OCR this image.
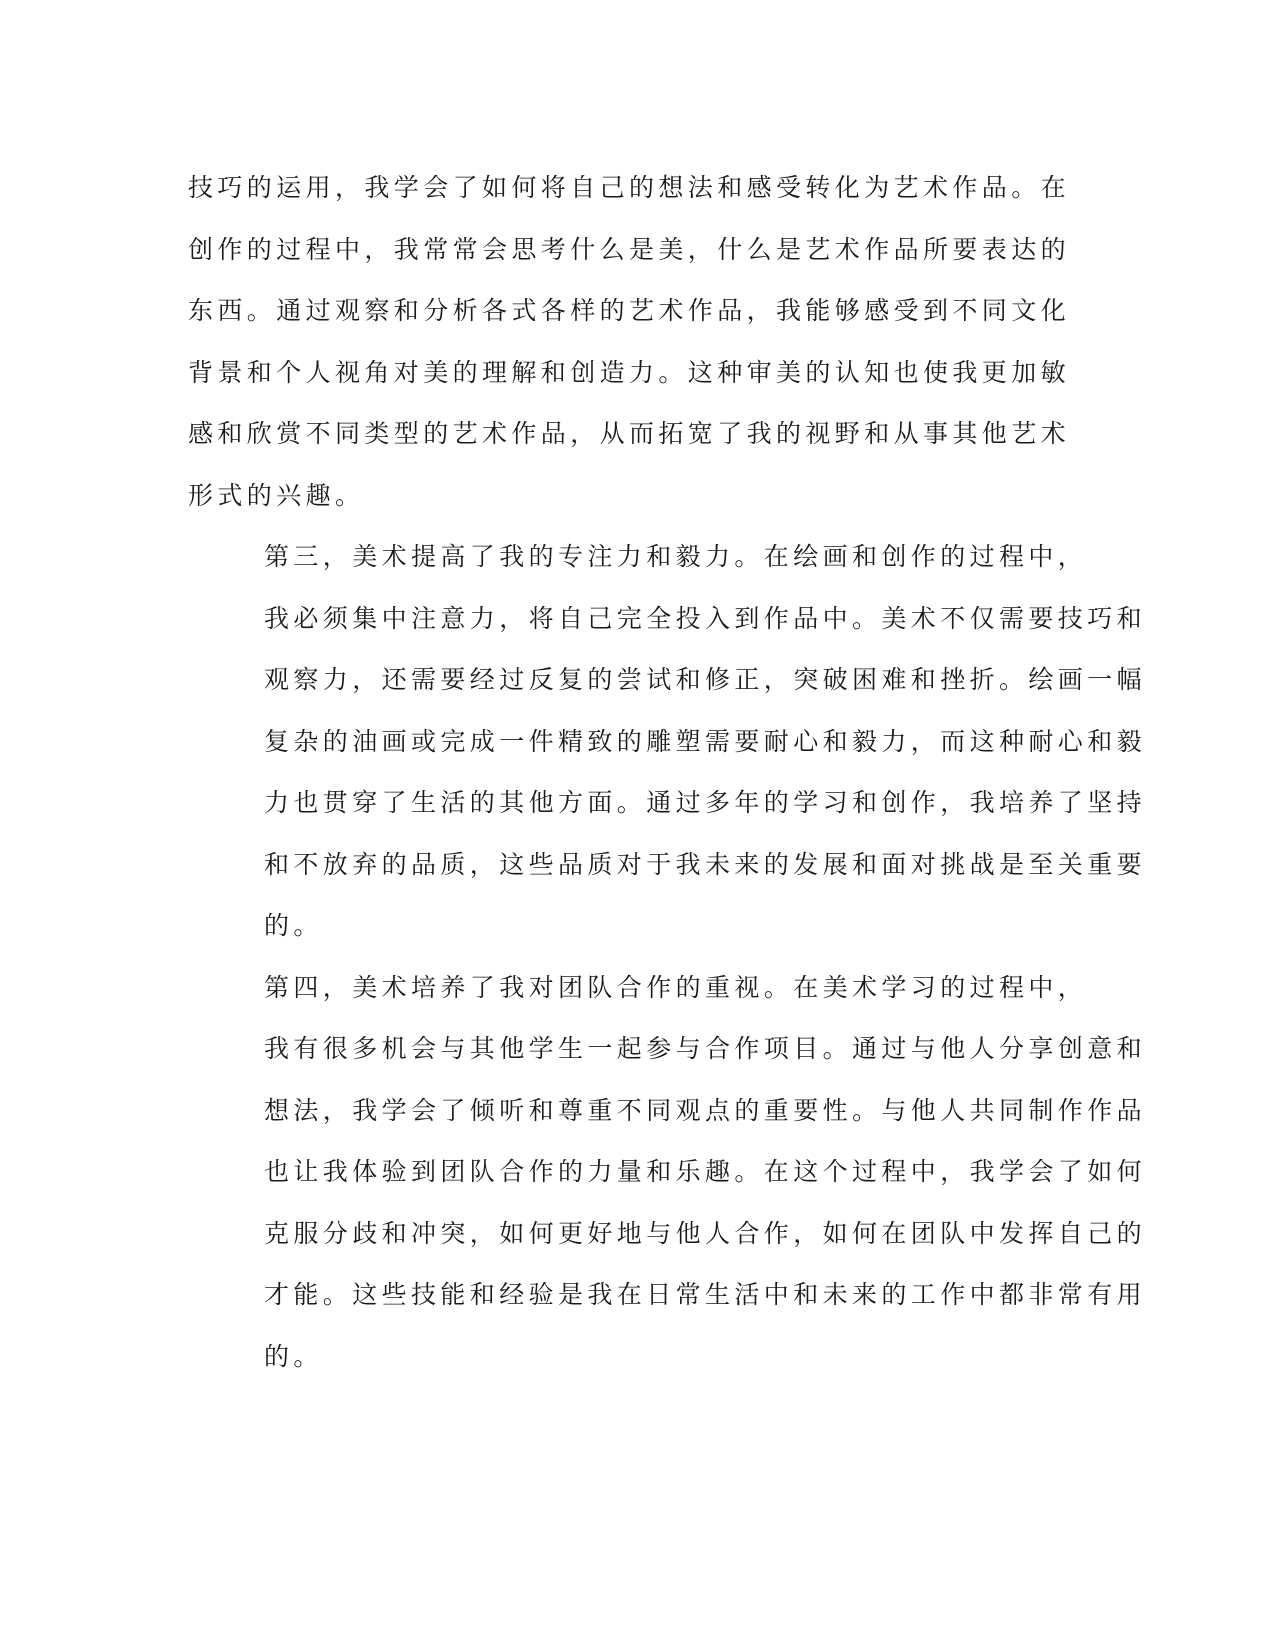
技巧的运用，我学会了如何将自己的想法和感受转化为艺术作品。在
创作的过程中，我常常会思考什么是美，什么是艺术作品所要表达的
东西。通过观察和分析各式各样的艺术作品，我能够感受到不同文化
背景和个人视角对美的理解和创造力。这种审美的认知也使我更加敏
感和欣赏不同类型的艺术作品，从而拓宽了我的视野和从事其他艺术
形式的兴趣。

第三，美术提高了我的专注力和毅力。在绘画和创作的过程中，
我必须集中注意力，将自己完全投入到作品中。美术不仅需要技巧和
观察力，还需要经过反复的尝试和修正，突破困难和挫折。绘画一幅
复杂的油画或完成一件精致的雕塑需要耐心和毅力，而这种耐心和毅
力也贯穿了生活的其他方面。通过多年的学习和创作，我培养了坚持
和不放弃的品质，这些品质对于我未来的发展和面对挑战是至关重要
的。

第四，美术培养了我对团队合作的重视。在美术学习的过程中，
我有很多机会与其他学生一起参与合作项目。通过与他人分享创意和
想法，我学会了倾听和尊重不同观点的重要性。与他人共同制作作品
也让我体验到团队合作的力量和乐趣。在这个过程中，我学会了如何
克服分歧和冲突，如何更好地与他人合作，如何在团队中发挥自己的
才能。这些技能和经验是我在日常生活中和未来的工作中都非常有用
的。
